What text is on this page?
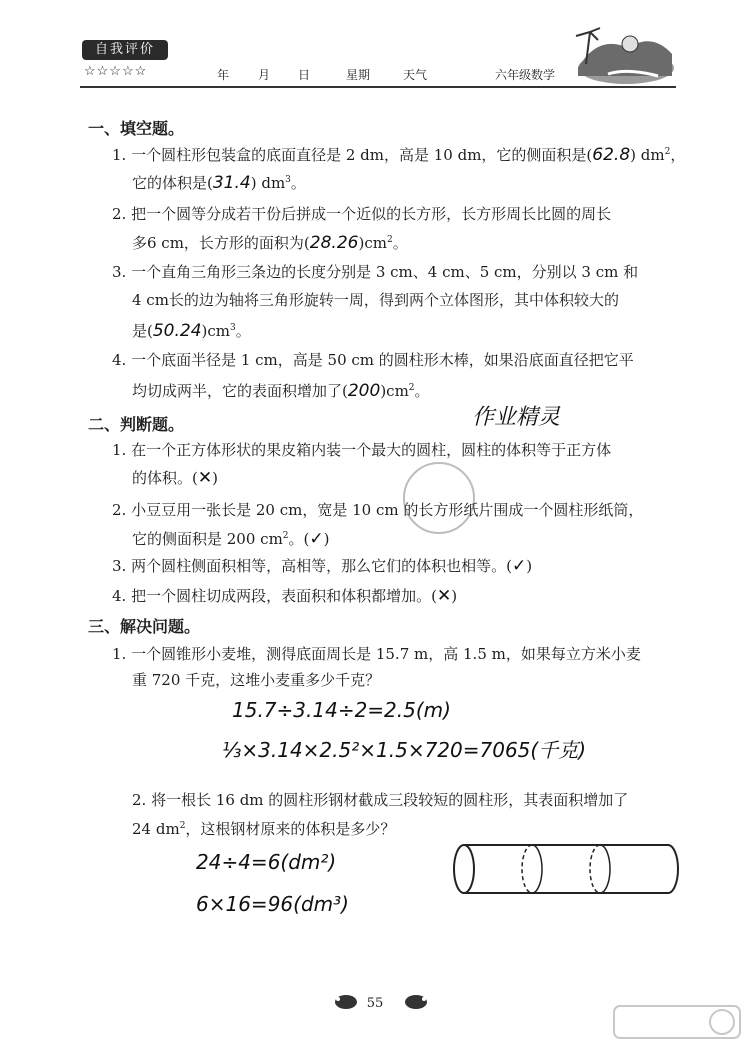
自我评价
☆☆☆☆☆	年 月 日	星期	天气	六年级数学
一、填空题。
1. 一个圆柱形包装盒的底面直径是 2 dm，高是 10 dm，它的侧面积是(62.8) $dm^2$，
它的体积是(31.4) $dm^3$。
2. 把一个圆等分成若干份后拼成一个近似的长方形，长方形周长比圆的周长
多6 cm，长方形的面积为$(28.26)cm^2$。
3. 一个直角三角形三条边的长度分别是 3 cm、4 cm、5 cm，分别以 3 cm 和
4 cm长的边为轴将三角形旋转一周，得到两个立体图形，其中体积较大的
是$(50.24)cm^3$。
4. 一个底面半径是 1 cm，高是 50 cm 的圆柱形木棒，如果沿底面直径把它平
均切成两半，它的表面积增加了$(200)cm^2$。
二、判断题。	作业精灵
1. 在一个正方体形状的果皮箱内装一个最大的圆柱，圆柱的体积等于正方体
的体积。(✕)
2. 小豆豆用一张长是 20 cm，宽是 10 cm 的长方形纸片围成一个圆柱形纸筒，
它的侧面积是 200 $cm^2$。(✓)
3. 两个圆柱侧面积相等，高相等，那么它们的体积也相等。(✓)
4. 把一个圆柱切成两段，表面积和体积都增加。(✕)
三、解决问题。
1. 一个圆锥形小麦堆，测得底面周长是 15.7 m，高 1.5 m，如果每立方米小麦
重 720 千克，这堆小麦重多少千克？
15.7÷3.14÷2=2.5(m)
⅓×3.14×2.5²×1.5×720=7065(千克)
2. 将一根长 16 dm 的圆柱形钢材截成三段较短的圆柱形，其表面积增加了
24 $dm^2$，这根钢材原来的体积是多少？
24÷4=6(dm²)
6×16=96(dm³)
55
